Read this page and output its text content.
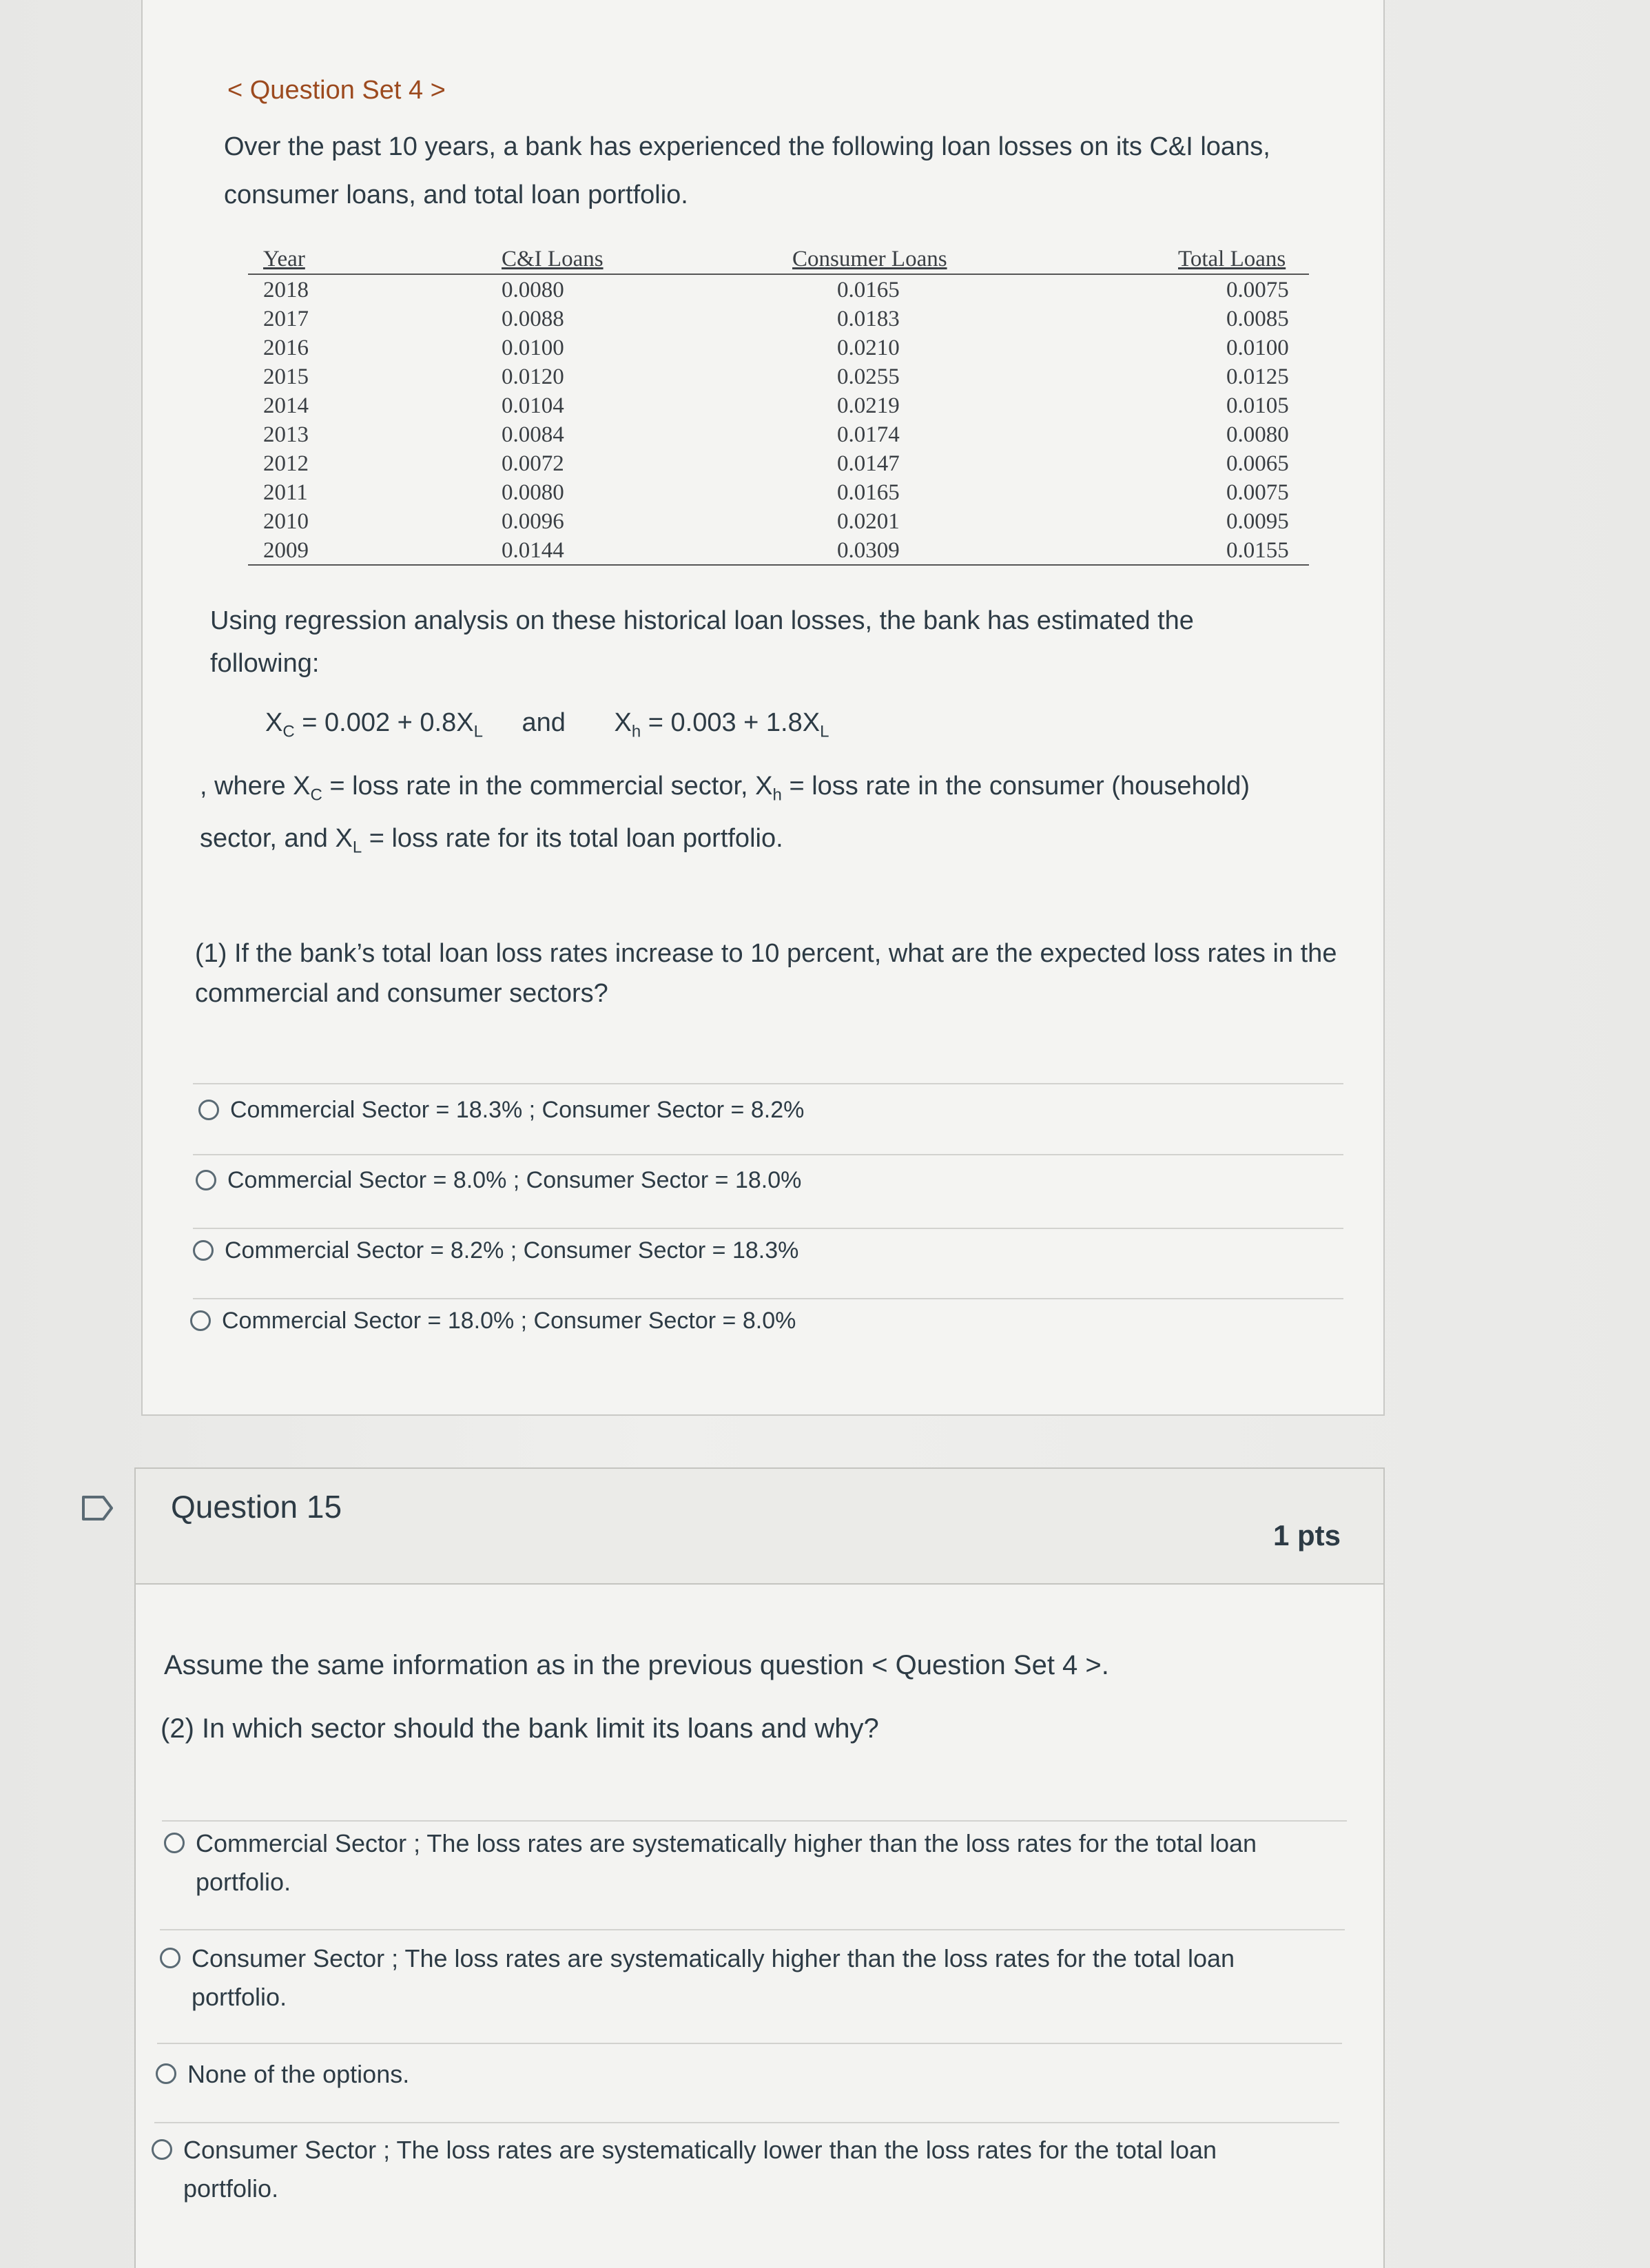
< Question Set 4 >
Over the past 10 years, a bank has experienced the following loan losses on its C&I loans, consumer loans, and total loan portfolio.
Year	C&I Loans	Consumer Loans	Total Loans
2018	0.0080	0.0165	0.0075
2017	0.0088	0.0183	0.0085
2016	0.0100	0.0210	0.0100
2015	0.0120	0.0255	0.0125
2014	0.0104	0.0219	0.0105
2013	0.0084	0.0174	0.0080
2012	0.0072	0.0147	0.0065
2011	0.0080	0.0165	0.0075
2010	0.0096	0.0201	0.0095
2009	0.0144	0.0309	0.0155
Using regression analysis on these historical loan losses, the bank has estimated the following:
$X_C = 0.002 + 0.8X_L$ and $X_h = 0.003 + 1.8X_L$
, where $X_C$ = loss rate in the commercial sector, $X_h$ = loss rate in the consumer (household) sector, and $X_L$ = loss rate for its total loan portfolio.
(1) If the bank’s total loan loss rates increase to 10 percent, what are the expected loss rates in the commercial and consumer sectors?
Commercial Sector = 18.3% ; Consumer Sector = 8.2%
Commercial Sector = 8.0% ; Consumer Sector = 18.0%
Commercial Sector = 8.2% ; Consumer Sector = 18.3%
Commercial Sector = 18.0% ; Consumer Sector = 8.0%
Question 15
1 pts
Assume the same information as in the previous question < Question Set 4 >.
(2) In which sector should the bank limit its loans and why?
Commercial Sector ; The loss rates are systematically higher than the loss rates for the total loan portfolio.
Consumer Sector ; The loss rates are systematically higher than the loss rates for the total loan portfolio.
None of the options.
Consumer Sector ; The loss rates are systematically lower than the loss rates for the total loan portfolio.
